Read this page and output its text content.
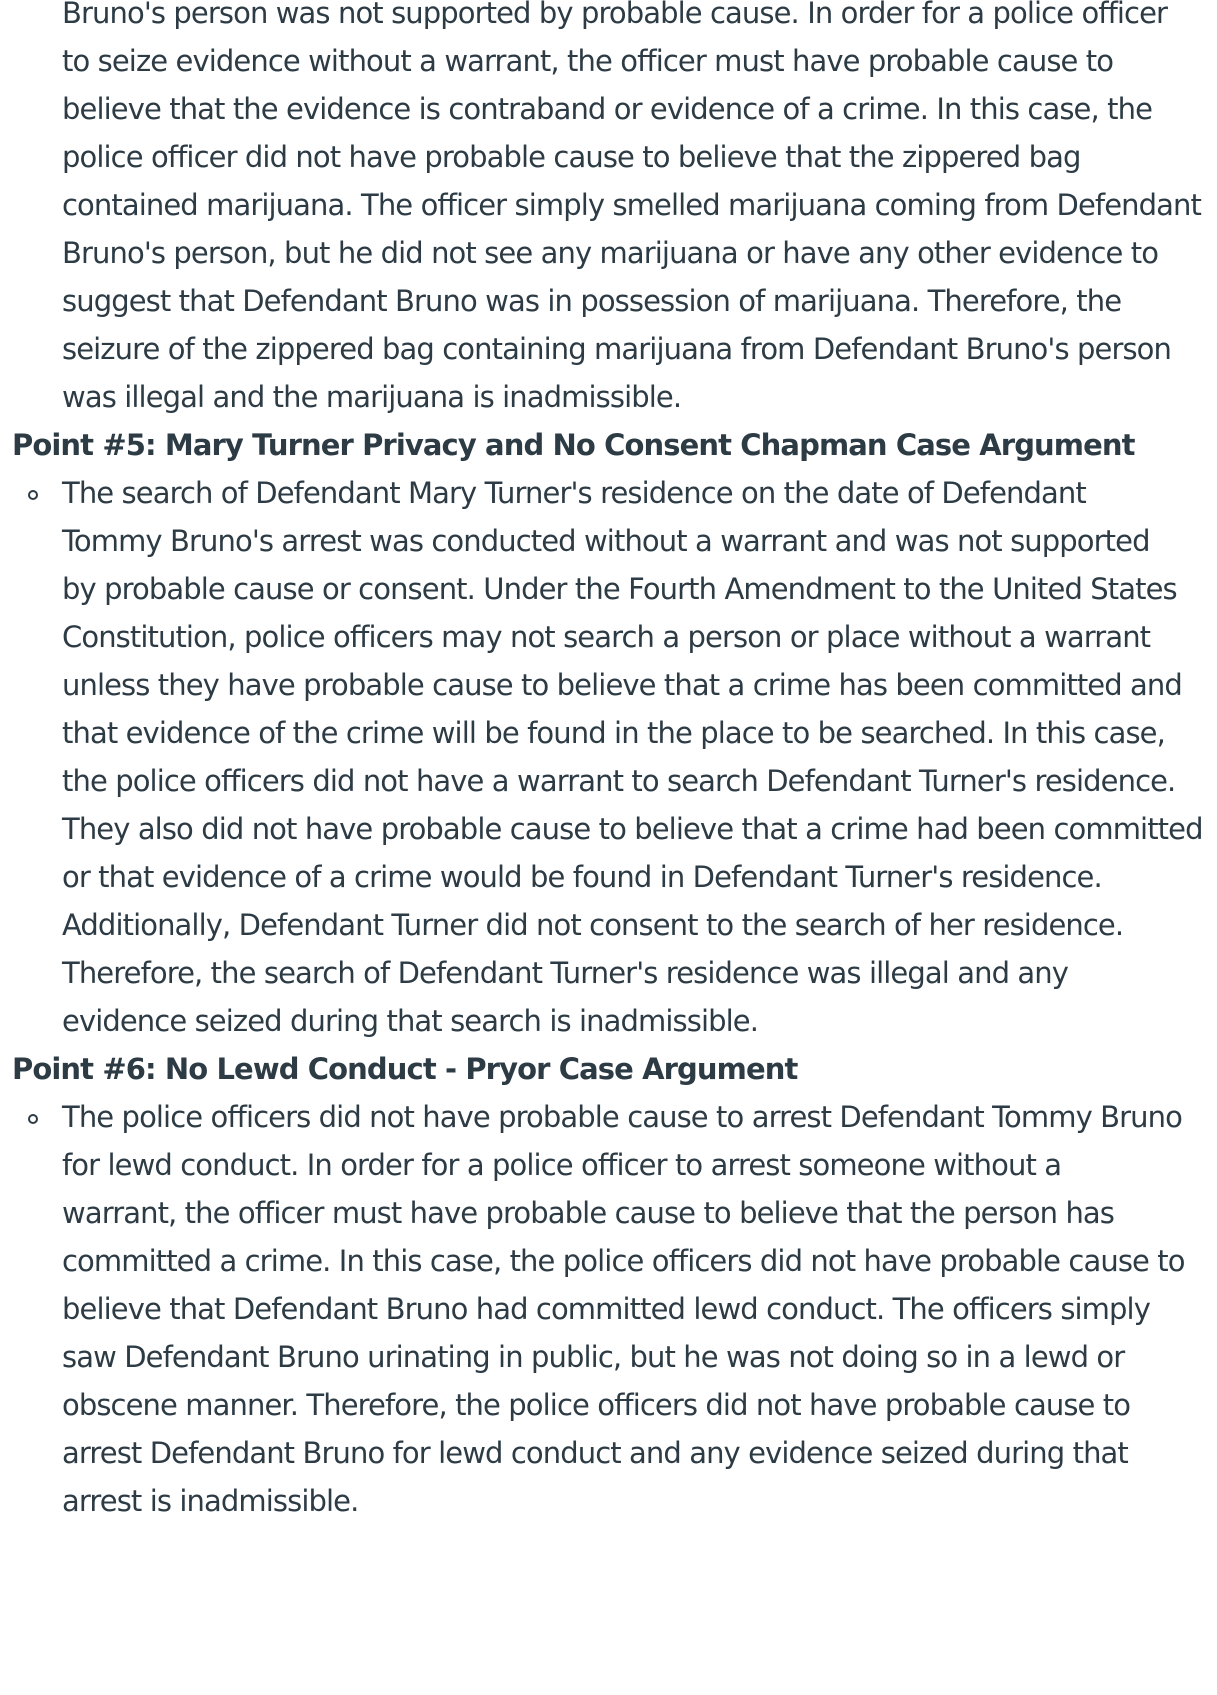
Bruno's person was not supported by probable cause. In order for a police officer
to seize evidence without a warrant, the officer must have probable cause to
believe that the evidence is contraband or evidence of a crime. In this case, the
police officer did not have probable cause to believe that the zippered bag
contained marijuana. The officer simply smelled marijuana coming from Defendant
Bruno's person, but he did not see any marijuana or have any other evidence to
suggest that Defendant Bruno was in possession of marijuana. Therefore, the
seizure of the zippered bag containing marijuana from Defendant Bruno's person
was illegal and the marijuana is inadmissible.

Point #5: Mary Turner Privacy and No Consent Chapman Case Argument

The search of Defendant Mary Turner's residence on the date of Defendant
Tommy Bruno's arrest was conducted without a warrant and was not supported
by probable cause or consent. Under the Fourth Amendment to the United States
Constitution, police officers may not search a person or place without a warrant
unless they have probable cause to believe that a crime has been committed and
that evidence of the crime will be found in the place to be searched. In this case,
the police officers did not have a warrant to search Defendant Turner's residence.
They also did not have probable cause to believe that a crime had been committed
or that evidence of a crime would be found in Defendant Turner's residence.
Additionally, Defendant Turner did not consent to the search of her residence.
Therefore, the search of Defendant Turner's residence was illegal and any
evidence seized during that search is inadmissible.

Point #6: No Lewd Conduct - Pryor Case Argument

The police officers did not have probable cause to arrest Defendant Tommy Bruno
for lewd conduct. In order for a police officer to arrest someone without a
warrant, the officer must have probable cause to believe that the person has
committed a crime. In this case, the police officers did not have probable cause to
believe that Defendant Bruno had committed lewd conduct. The officers simply
saw Defendant Bruno urinating in public, but he was not doing so in a lewd or
obscene manner. Therefore, the police officers did not have probable cause to
arrest Defendant Bruno for lewd conduct and any evidence seized during that
arrest is inadmissible.
